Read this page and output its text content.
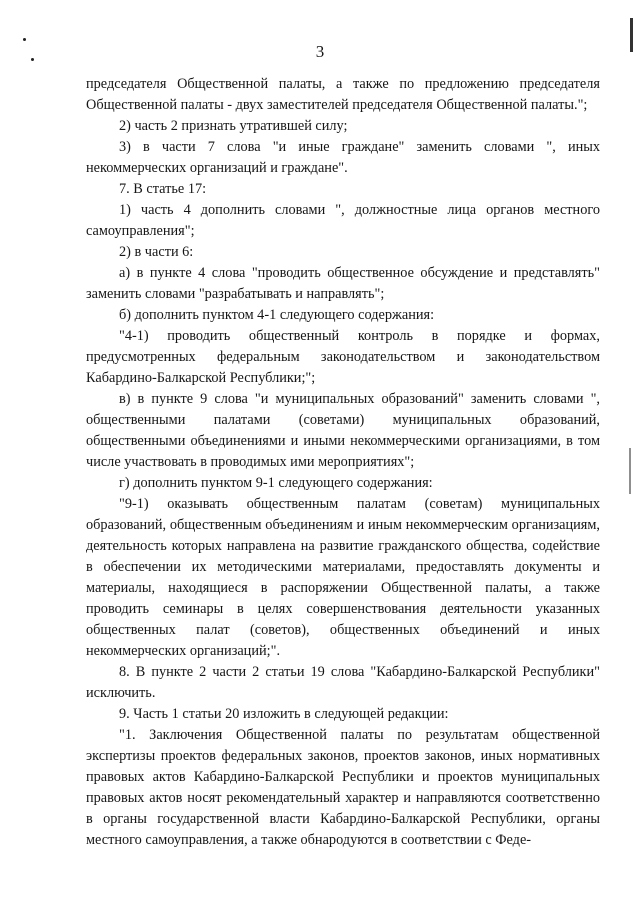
3

председателя Общественной палаты, а также по предложению председателя Общественной палаты - двух заместителей председателя Общественной палаты.";

2) часть 2 признать утратившей силу;

3) в части 7 слова "и иные граждане" заменить словами ", иных некоммерческих организаций и граждане".

7. В статье 17:

1) часть 4 дополнить словами ", должностные лица органов местного самоуправления";

2) в части 6:

а) в пункте 4 слова "проводить общественное обсуждение и представлять" заменить словами "разрабатывать и направлять";

б) дополнить пунктом 4-1 следующего содержания:

"4-1) проводить общественный контроль в порядке и формах, предусмотренных федеральным законодательством и законодательством Кабардино-Балкарской Республики;";

в) в пункте 9 слова "и муниципальных образований" заменить словами ", общественными палатами (советами) муниципальных образований, общественными объединениями и иными некоммерческими организациями, в том числе участвовать в проводимых ими мероприятиях";

г) дополнить пунктом 9-1 следующего содержания:

"9-1) оказывать общественным палатам (советам) муниципальных образований, общественным объединениям и иным некоммерческим организациям, деятельность которых направлена на развитие гражданского общества, содействие в обеспечении их методическими материалами, предоставлять документы и материалы, находящиеся в распоряжении Общественной палаты, а также проводить семинары в целях совершенствования деятельности указанных общественных палат (советов), общественных объединений и иных некоммерческих организаций;".

8. В пункте 2 части 2 статьи 19 слова "Кабардино-Балкарской Республики" исключить.

9. Часть 1 статьи 20 изложить в следующей редакции:

"1. Заключения Общественной палаты по результатам общественной экспертизы проектов федеральных законов, проектов законов, иных нормативных правовых актов Кабардино-Балкарской Республики и проектов муниципальных правовых актов носят рекомендательный характер и направляются соответственно в органы государственной власти Кабардино-Балкарской Республики, органы местного самоуправления, а также обнародуются в соответствии с Феде-
